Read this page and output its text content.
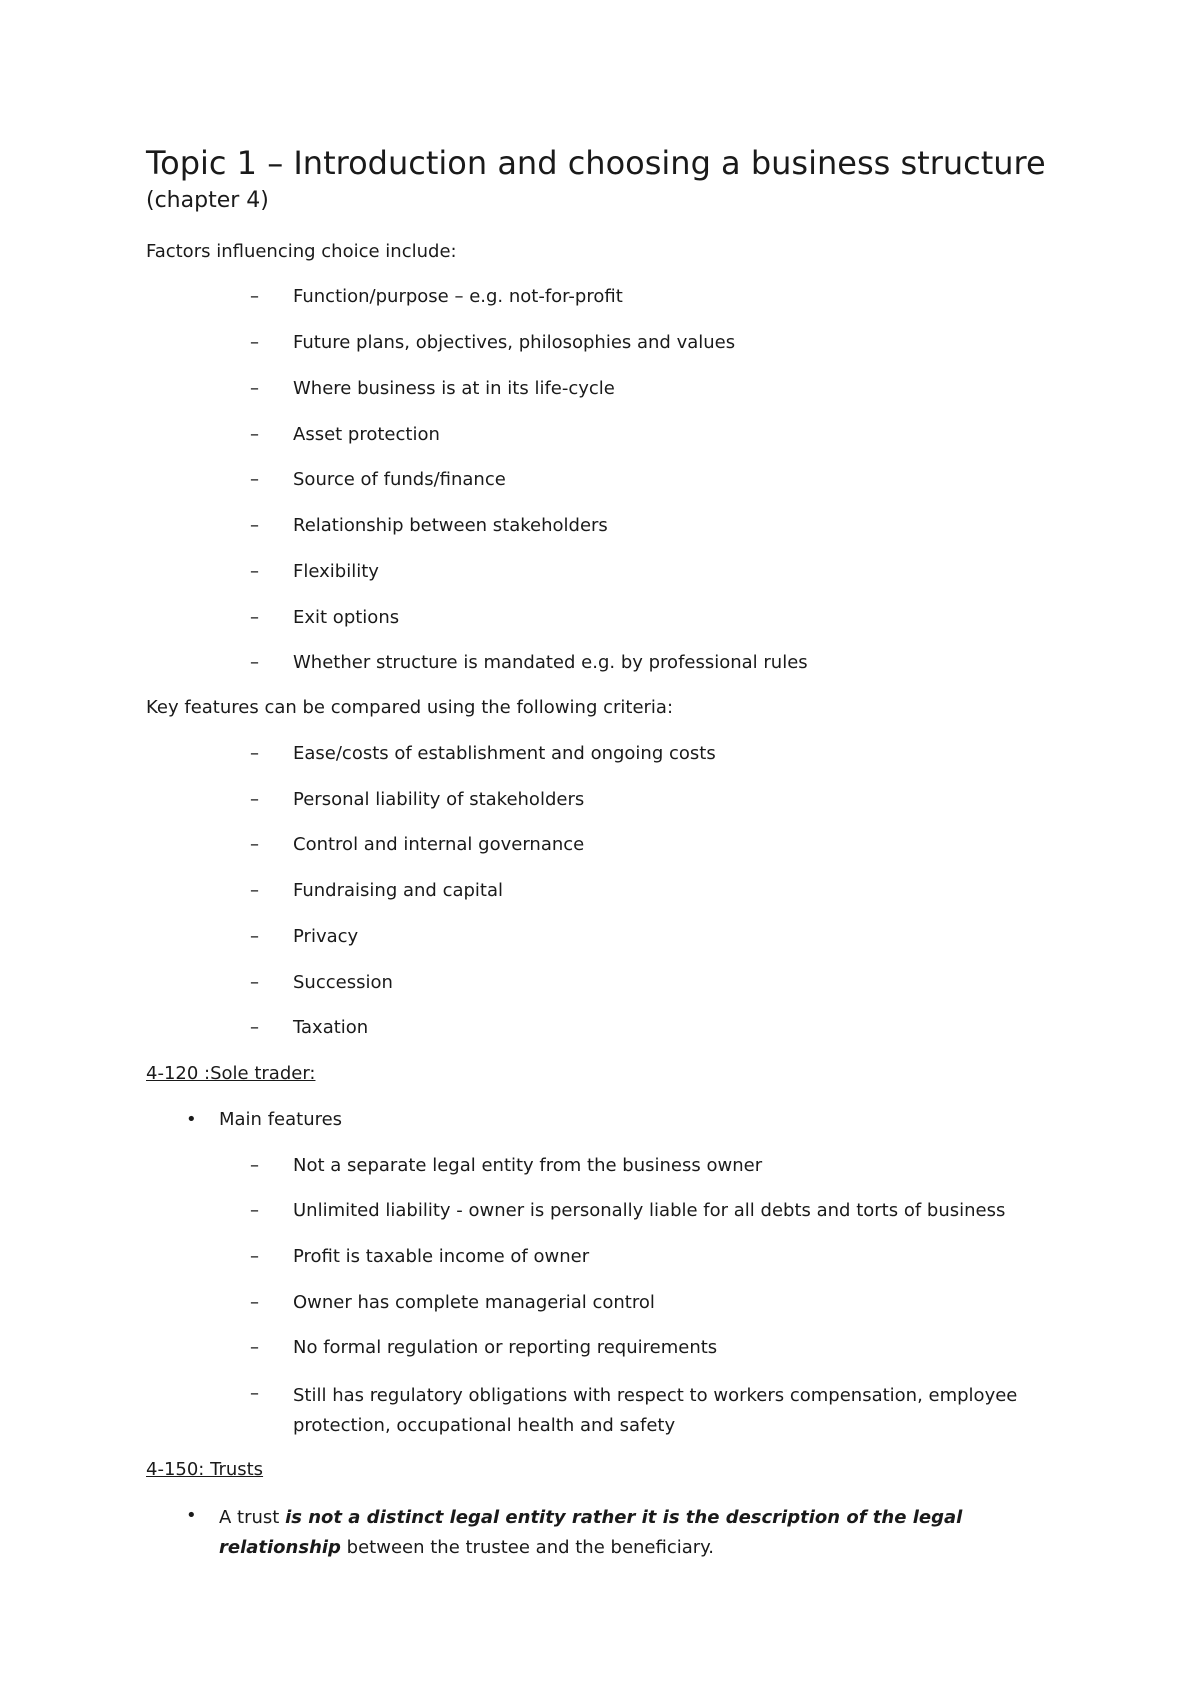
Topic 1 – Introduction and choosing a business structure
(chapter 4)
Factors influencing choice include:
– Function/purpose – e.g. not-for-profit
– Future plans, objectives, philosophies and values
– Where business is at in its life-cycle
– Asset protection
– Source of funds/finance
– Relationship between stakeholders
– Flexibility
– Exit options
– Whether structure is mandated e.g. by professional rules
Key features can be compared using the following criteria:
– Ease/costs of establishment and ongoing costs
– Personal liability of stakeholders
– Control and internal governance
– Fundraising and capital
– Privacy
– Succession
– Taxation
4-120 :Sole trader:
• Main features
– Not a separate legal entity from the business owner
– Unlimited liability - owner is personally liable for all debts and torts of business
– Profit is taxable income of owner
– Owner has complete managerial control
– No formal regulation or reporting requirements
– Still has regulatory obligations with respect to workers compensation, employee protection, occupational health and safety
4-150: Trusts
• A trust is not a distinct legal entity rather it is the description of the legal relationship between the trustee and the beneficiary.
